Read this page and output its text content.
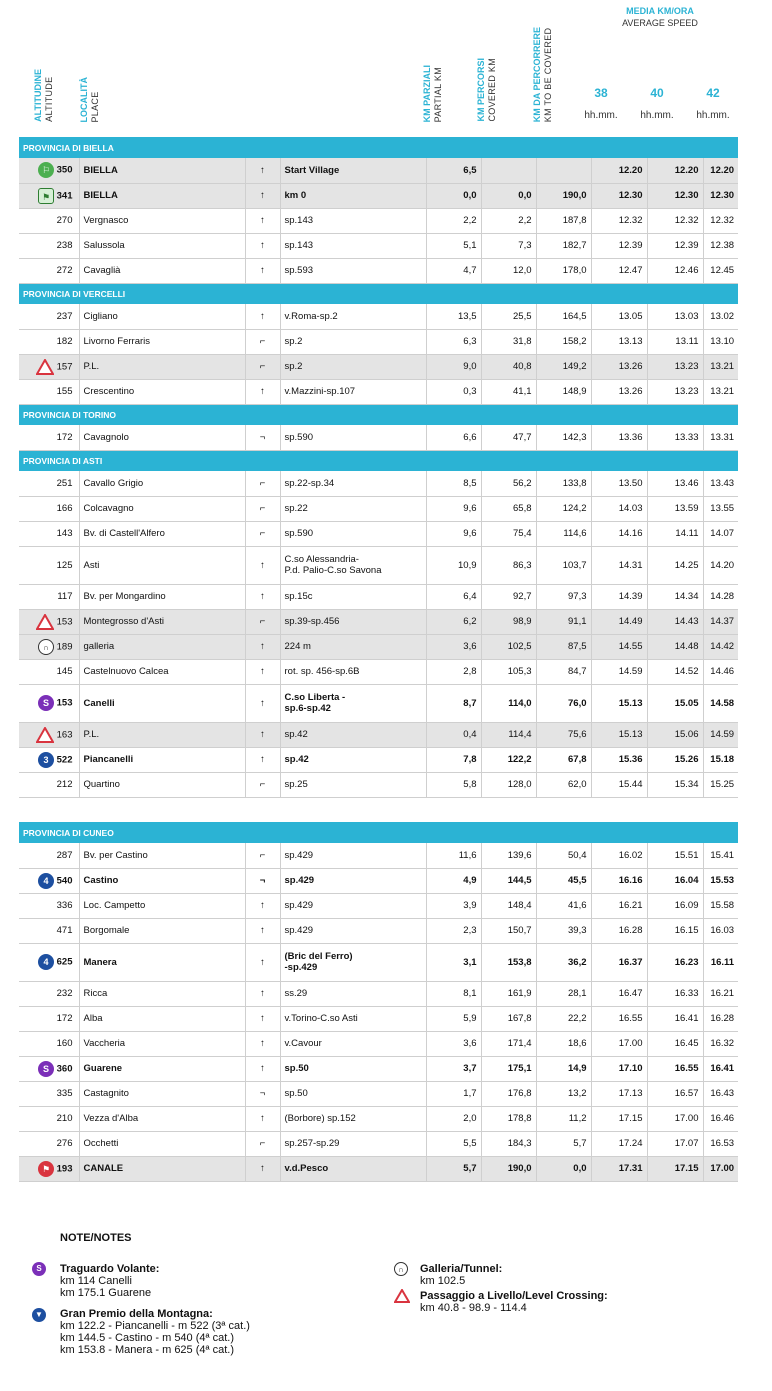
ALTITUDINE ALTITUDE	LOCALITÀ PLACE	KM PARZIALI PARTIAL KM	KM PERCORSI COVERED KM	KM DA PERCORRERE KM TO BE COVERED
MEDIA KM/ORA
AVERAGE SPEED
38	40	42
hh.mm.	hh.mm.	hh.mm.
PROVINCIA DI BIELLA									
⚐ 350	BIELLA	↑	Start Village	6,5			12.20	12.20	12.20
⚑ 341	BIELLA	↑	km 0	0,0	0,0	190,0	12.30	12.30	12.30
270	Vergnasco	↑	sp.143	2,2	2,2	187,8	12.32	12.32	12.32
238	Salussola	↑	sp.143	5,1	7,3	182,7	12.39	12.39	12.38
272	Cavaglià	↑	sp.593	4,7	12,0	178,0	12.47	12.46	12.45
PROVINCIA DI VERCELLI									
237	Cigliano	↑	v.Roma-sp.2	13,5	25,5	164,5	13.05	13.03	13.02
182	Livorno Ferraris	⌐	sp.2	6,3	31,8	158,2	13.13	13.11	13.10
157	P.L.	⌐	sp.2	9,0	40,8	149,2	13.26	13.23	13.21
155	Crescentino	↑	v.Mazzini-sp.107	0,3	41,1	148,9	13.26	13.23	13.21
PROVINCIA DI TORINO									
172	Cavagnolo	¬	sp.590	6,6	47,7	142,3	13.36	13.33	13.31
PROVINCIA DI ASTI									
251	Cavallo Grigio	⌐	sp.22-sp.34	8,5	56,2	133,8	13.50	13.46	13.43
166	Colcavagno	⌐	sp.22	9,6	65,8	124,2	14.03	13.59	13.55
143	Bv. di Castell'Alfero	⌐	sp.590	9,6	75,4	114,6	14.16	14.11	14.07
125	Asti	↑	C.so Alessandria-
P.d. Palio-C.so Savona	10,9	86,3	103,7	14.31	14.25	14.20
117	Bv. per Mongardino	↑	sp.15c	6,4	92,7	97,3	14.39	14.34	14.28
153	Montegrosso d'Asti	⌐	sp.39-sp.456	6,2	98,9	91,1	14.49	14.43	14.37
∩ 189	galleria	↑	224 m	3,6	102,5	87,5	14.55	14.48	14.42
145	Castelnuovo Calcea	↑	rot. sp. 456-sp.6B	2,8	105,3	84,7	14.59	14.52	14.46
S 153	Canelli	↑	C.so Liberta -
sp.6-sp.42	8,7	114,0	76,0	15.13	15.05	14.58
163	P.L.	↑	sp.42	0,4	114,4	75,6	15.13	15.06	14.59
3 522	Piancanelli	↑	sp.42	7,8	122,2	67,8	15.36	15.26	15.18
212	Quartino	⌐	sp.25	5,8	128,0	62,0	15.44	15.34	15.25
PROVINCIA DI CUNEO									
287	Bv. per Castino	⌐	sp.429	11,6	139,6	50,4	16.02	15.51	15.41
4 540	Castino	¬	sp.429	4,9	144,5	45,5	16.16	16.04	15.53
336	Loc. Campetto	↑	sp.429	3,9	148,4	41,6	16.21	16.09	15.58
471	Borgomale	↑	sp.429	2,3	150,7	39,3	16.28	16.15	16.03
4 625	Manera	↑	(Bric del Ferro)
-sp.429	3,1	153,8	36,2	16.37	16.23	16.11
232	Ricca	↑	ss.29	8,1	161,9	28,1	16.47	16.33	16.21
172	Alba	↑	v.Torino-C.so Asti	5,9	167,8	22,2	16.55	16.41	16.28
160	Vaccheria	↑	v.Cavour	3,6	171,4	18,6	17.00	16.45	16.32
S 360	Guarene	↑	sp.50	3,7	175,1	14,9	17.10	16.55	16.41
335	Castagnito	¬	sp.50	1,7	176,8	13,2	17.13	16.57	16.43
210	Vezza d'Alba	↑	(Borbore) sp.152	2,0	178,8	11,2	17.15	17.00	16.46
276	Occhetti	⌐	sp.257-sp.29	5,5	184,3	5,7	17.24	17.07	16.53
⚑ 193	CANALE	↑	v.d.Pesco	5,7	190,0	0,0	17.31	17.15	17.00
NOTE/NOTES
S	Traguardo Volante:
km 114 Canelli
km 175.1 Guarene
▼ Gran Premio della Montagna:
km 122.2 - Piancanelli - m 522 (3ª cat.)
km 144.5 - Castino - m 540 (4ª cat.)
km 153.8 - Manera - m 625 (4ª cat.)
∩	Galleria/Tunnel:
km 102.5
Passaggio a Livello/Level Crossing:
km 40.8 - 98.9 - 114.4
